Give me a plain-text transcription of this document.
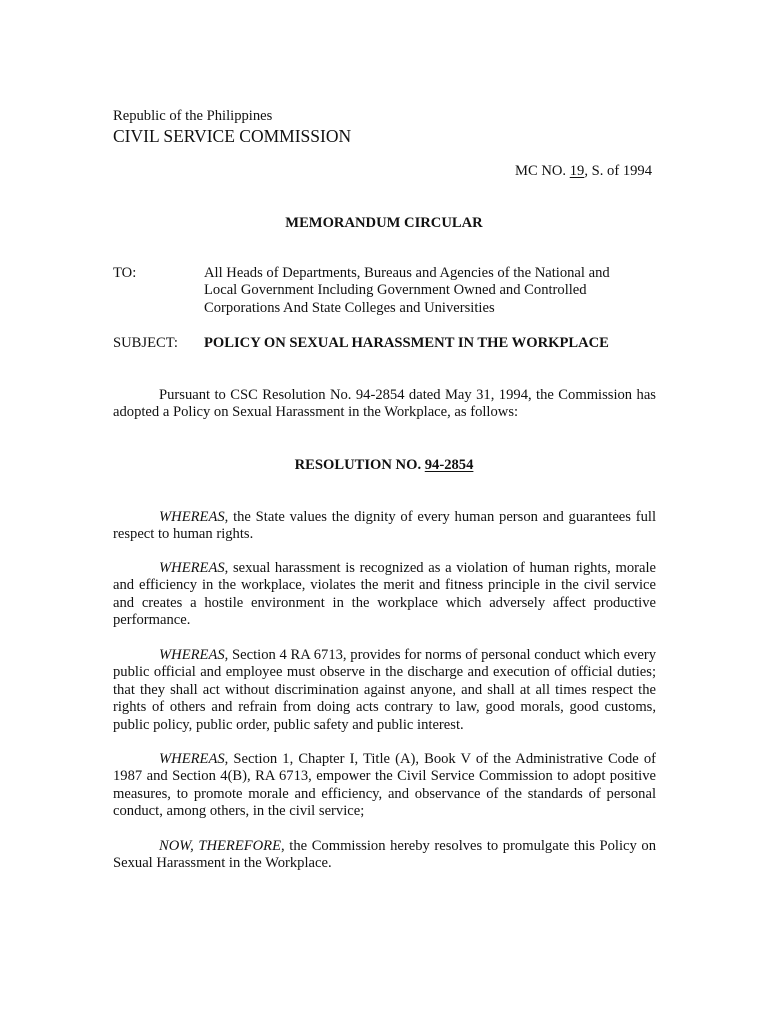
Republic of the Philippines
CIVIL SERVICE COMMISSION
MC NO. 19, S. of 1994
MEMORANDUM CIRCULAR
TO:	All Heads of Departments, Bureaus and Agencies of the National and
Local Government Including Government Owned and Controlled
Corporations And State Colleges and Universities
SUBJECT: POLICY ON SEXUAL HARASSMENT IN THE WORKPLACE
Pursuant to CSC Resolution No. 94-2854 dated May 31, 1994, the Commission has adopted a Policy on Sexual Harassment in the Workplace, as follows:
RESOLUTION NO. 94-2854
WHEREAS, the State values the dignity of every human person and guarantees full respect to human rights.
WHEREAS, sexual harassment is recognized as a violation of human rights, morale and efficiency in the workplace, violates the merit and fitness principle in the civil service and creates a hostile environment in the workplace which adversely affect productive performance.
WHEREAS, Section 4 RA 6713, provides for norms of personal conduct which every public official and employee must observe in the discharge and execution of official duties; that they shall act without discrimination against anyone, and shall at all times respect the rights of others and refrain from doing acts contrary to law, good morals, good customs, public policy, public order, public safety and public interest.
WHEREAS, Section 1, Chapter I, Title (A), Book V of the Administrative Code of 1987 and Section 4(B), RA 6713, empower the Civil Service Commission to adopt positive measures, to promote morale and efficiency, and observance of the standards of personal conduct, among others, in the civil service;
NOW, THEREFORE, the Commission hereby resolves to promulgate this Policy on Sexual Harassment in the Workplace.
